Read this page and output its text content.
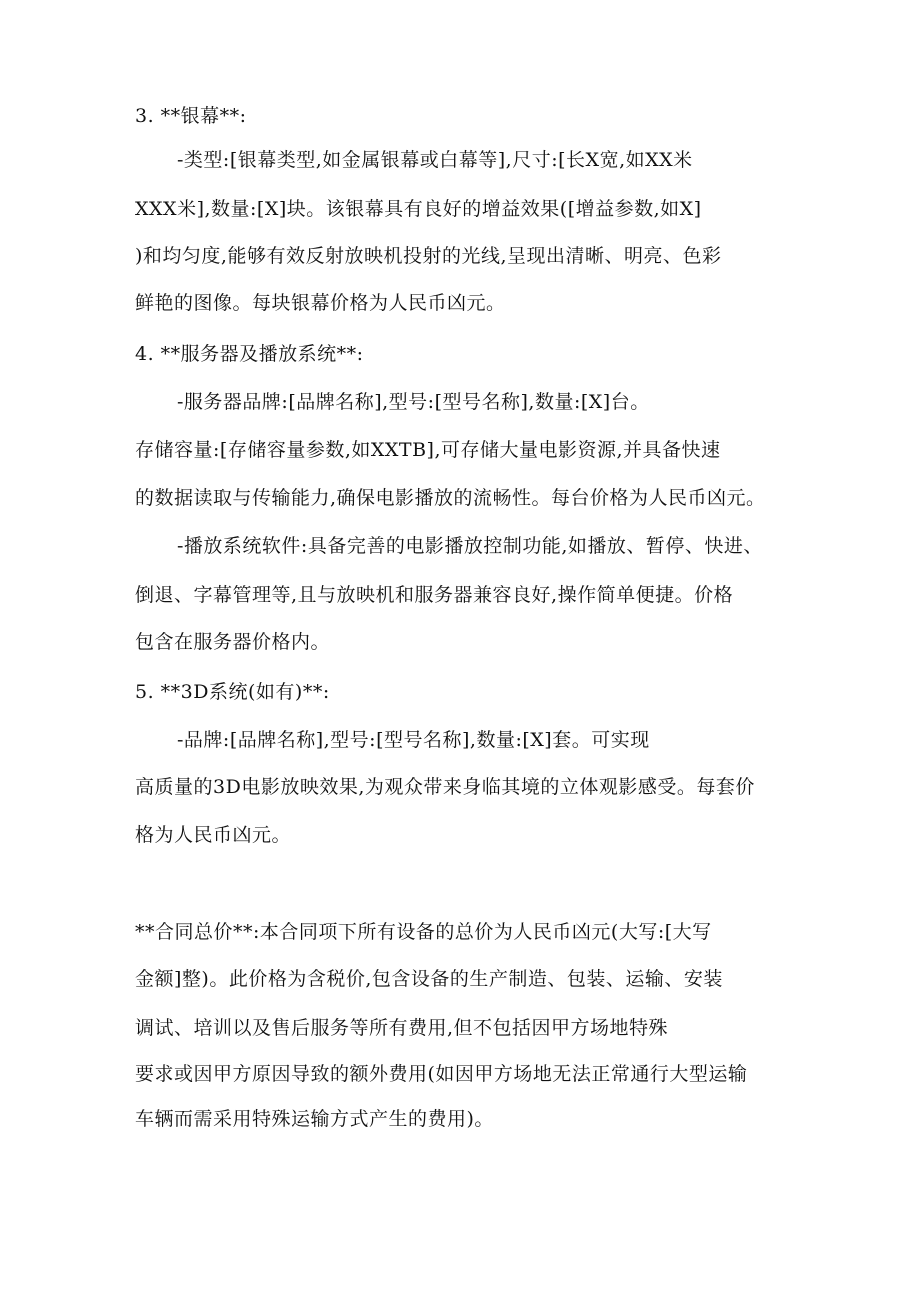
3. **银幕**:
-类型:[银幕类型,如金属银幕或白幕等],尺寸:[长X宽,如XX米
XXX米],数量:[X]块。该银幕具有良好的增益效果([增益参数,如X]
)和均匀度,能够有效反射放映机投射的光线,呈现出清晰、明亮、色彩
鲜艳的图像。每块银幕价格为人民币凶元。
4. **服务器及播放系统**:
-服务器品牌:[品牌名称],型号:[型号名称],数量:[X]台。
存储容量:[存储容量参数,如XXTB],可存储大量电影资源,并具备快速
的数据读取与传输能力,确保电影播放的流畅性。每台价格为人民币凶元。
-播放系统软件:具备完善的电影播放控制功能,如播放、暂停、快进、
倒退、字幕管理等,且与放映机和服务器兼容良好,操作简单便捷。价格
包含在服务器价格内。
5. **3D系统(如有)**:
-品牌:[品牌名称],型号:[型号名称],数量:[X]套。可实现
高质量的3D电影放映效果,为观众带来身临其境的立体观影感受。每套价
格为人民币凶元。
**合同总价**:本合同项下所有设备的总价为人民币凶元(大写:[大写
金额]整)。此价格为含税价,包含设备的生产制造、包装、运输、安装
调试、培训以及售后服务等所有费用,但不包括因甲方场地特殊
要求或因甲方原因导致的额外费用(如因甲方场地无法正常通行大型运输
车辆而需采用特殊运输方式产生的费用)。
